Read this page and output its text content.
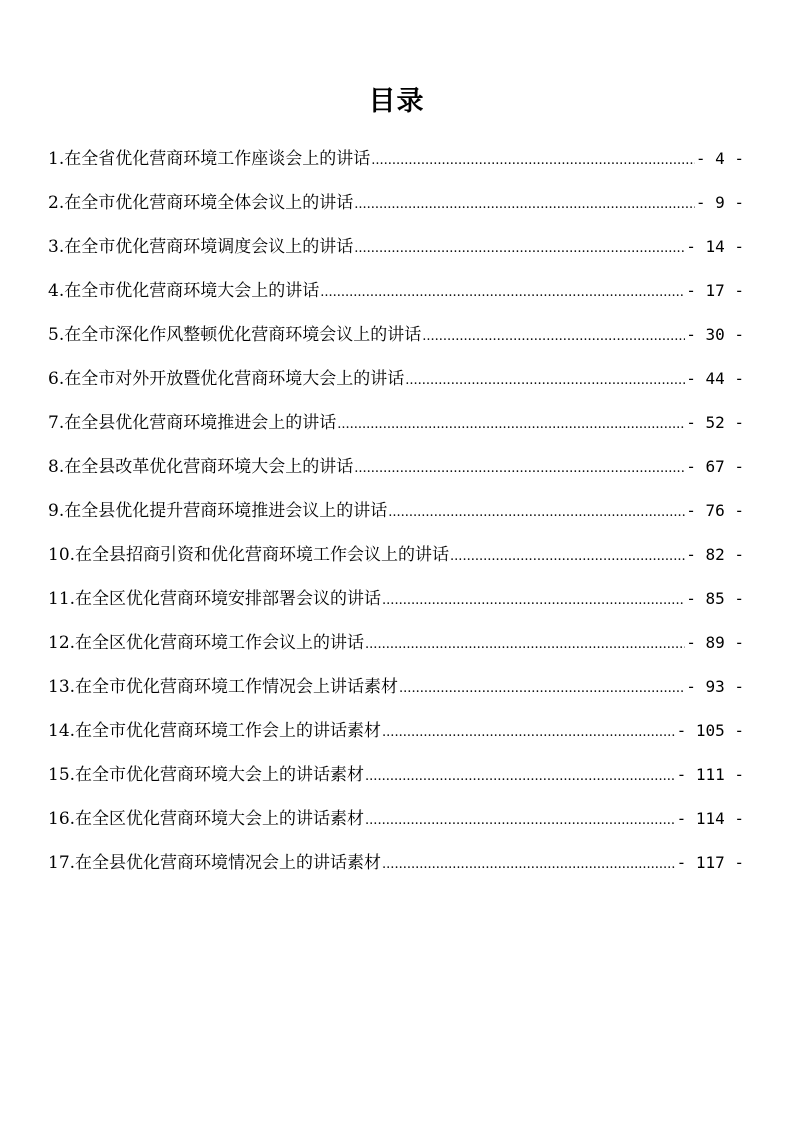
目录
1.在全省优化营商环境工作座谈会上的讲话 .....	- 4 -
2.在全市优化营商环境全体会议上的讲话 .....	- 9 -
3.在全市优化营商环境调度会议上的讲话 .....	- 14 -
4.在全市优化营商环境大会上的讲话 .....	- 17 -
5.在全市深化作风整顿优化营商环境会议上的讲话 .....	- 30 -
6.在全市对外开放暨优化营商环境大会上的讲话 .....	- 44 -
7.在全县优化营商环境推进会上的讲话 .....	- 52 -
8.在全县改革优化营商环境大会上的讲话 .....	- 67 -
9.在全县优化提升营商环境推进会议上的讲话 .....	- 76 -
10.在全县招商引资和优化营商环境工作会议上的讲话 .....	- 82 -
11.在全区优化营商环境安排部署会议的讲话 .....	- 85 -
12.在全区优化营商环境工作会议上的讲话 .....	- 89 -
13.在全市优化营商环境工作情况会上讲话素材 .....	- 93 -
14.在全市优化营商环境工作会上的讲话素材 .....	- 105 -
15.在全市优化营商环境大会上的讲话素材 .....	- 111 -
16.在全区优化营商环境大会上的讲话素材 .....	- 114 -
17.在全县优化营商环境情况会上的讲话素材 .....	- 117 -
